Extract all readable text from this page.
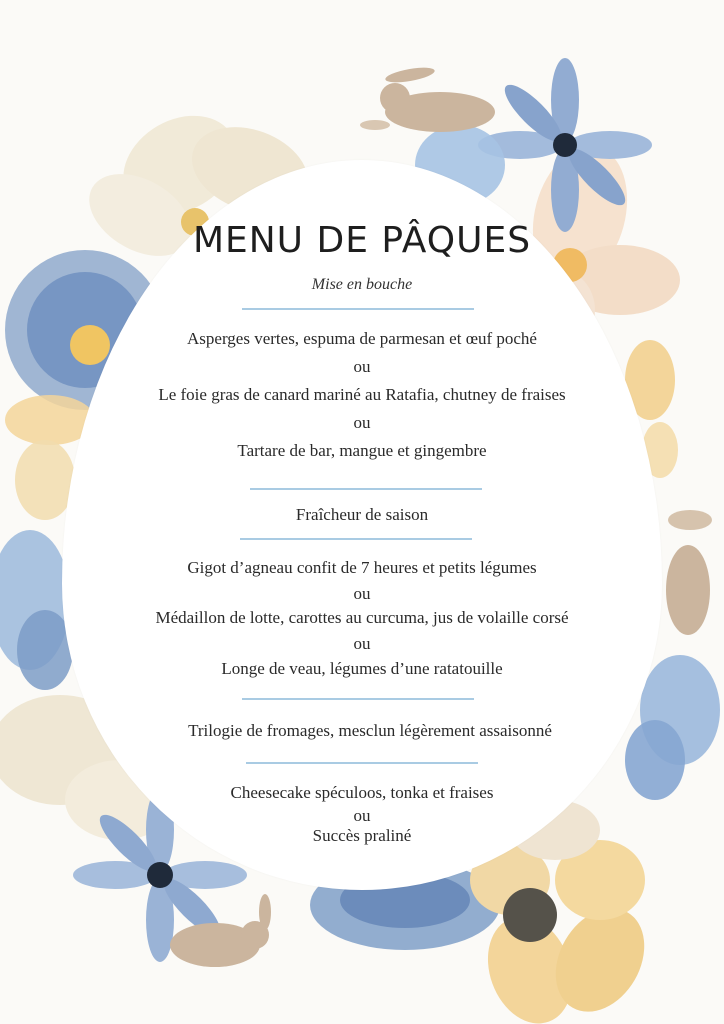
MENU DE PÂQUES
Mise en bouche
Asperges vertes, espuma de parmesan et œuf poché
ou
Le foie gras de canard mariné au Ratafia, chutney de fraises
ou
Tartare de bar, mangue et gingembre
Fraîcheur de saison
Gigot d’agneau confit de 7 heures et petits légumes
ou
Médaillon de lotte, carottes au curcuma, jus de volaille corsé
ou
Longe de veau, légumes d’une ratatouille
Trilogie de fromages, mesclun légèrement assaisonné
Cheesecake spéculoos, tonka et fraises
ou
Succès praliné
